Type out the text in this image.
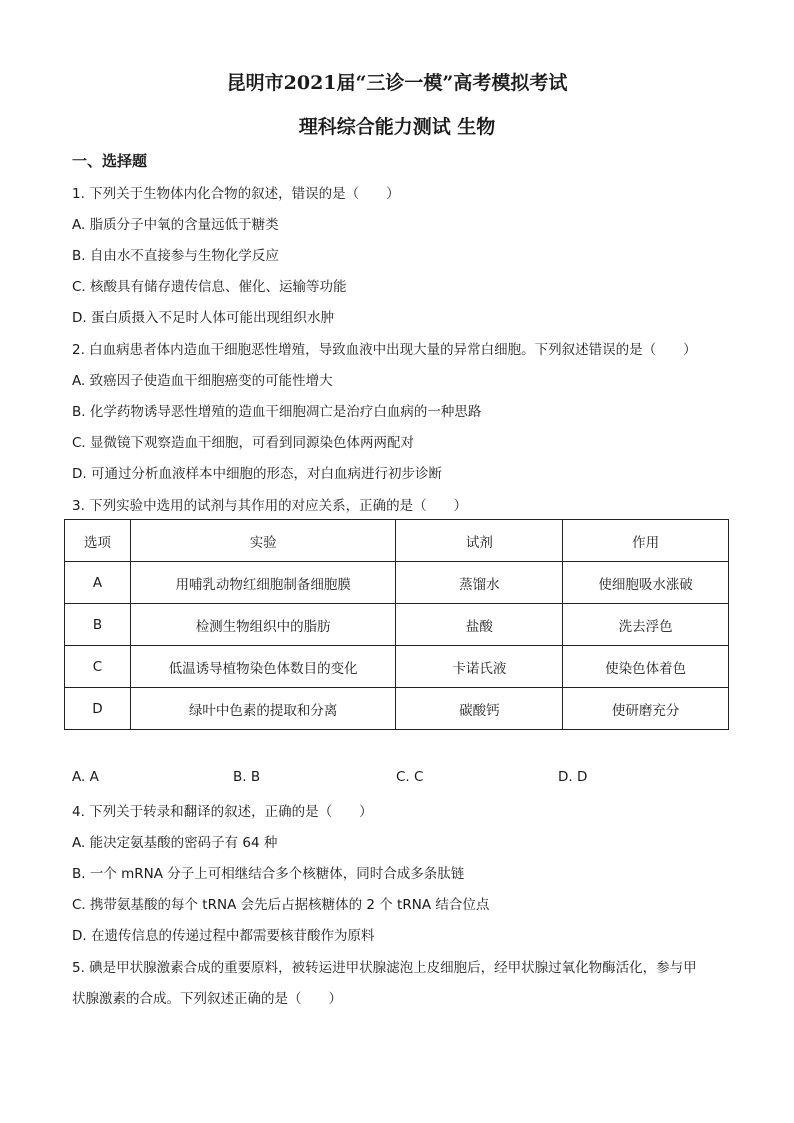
昆明市2021届“三诊一模”高考模拟考试
理科综合能力测试 生物
一、选择题
1. 下列关于生物体内化合物的叙述，错误的是（　　）
A. 脂质分子中氧的含量远低于糖类
B. 自由水不直接参与生物化学反应
C. 核酸具有储存遗传信息、催化、运输等功能
D. 蛋白质摄入不足时人体可能出现组织水肿
2. 白血病患者体内造血干细胞恶性增殖，导致血液中出现大量的异常白细胞。下列叙述错误的是（　　）
A. 致癌因子使造血干细胞癌变的可能性增大
B. 化学药物诱导恶性增殖的造血干细胞凋亡是治疗白血病的一种思路
C. 显微镜下观察造血干细胞，可看到同源染色体两两配对
D. 可通过分析血液样本中细胞的形态，对白血病进行初步诊断
3. 下列实验中选用的试剂与其作用的对应关系，正确的是（　　）
选项	实验	试剂	作用
A	用哺乳动物红细胞制备细胞膜	蒸馏水	使细胞吸水涨破
B	检测生物组织中的脂肪	盐酸	洗去浮色
C	低温诱导植物染色体数目的变化	卡诺氏液	使染色体着色
D	绿叶中色素的提取和分离	碳酸钙	使研磨充分
A. A	B. B	C. C	D. D
4. 下列关于转录和翻译的叙述，正确的是（　　）
A. 能决定氨基酸的密码子有 64 种
B. 一个 mRNA 分子上可相继结合多个核糖体，同时合成多条肽链
C. 携带氨基酸的每个 tRNA 会先后占据核糖体的 2 个 tRNA 结合位点
D. 在遗传信息的传递过程中都需要核苷酸作为原料
5. 碘是甲状腺激素合成的重要原料，被转运进甲状腺滤泡上皮细胞后，经甲状腺过氧化物酶活化，参与甲
状腺激素的合成。下列叙述正确的是（　　）
